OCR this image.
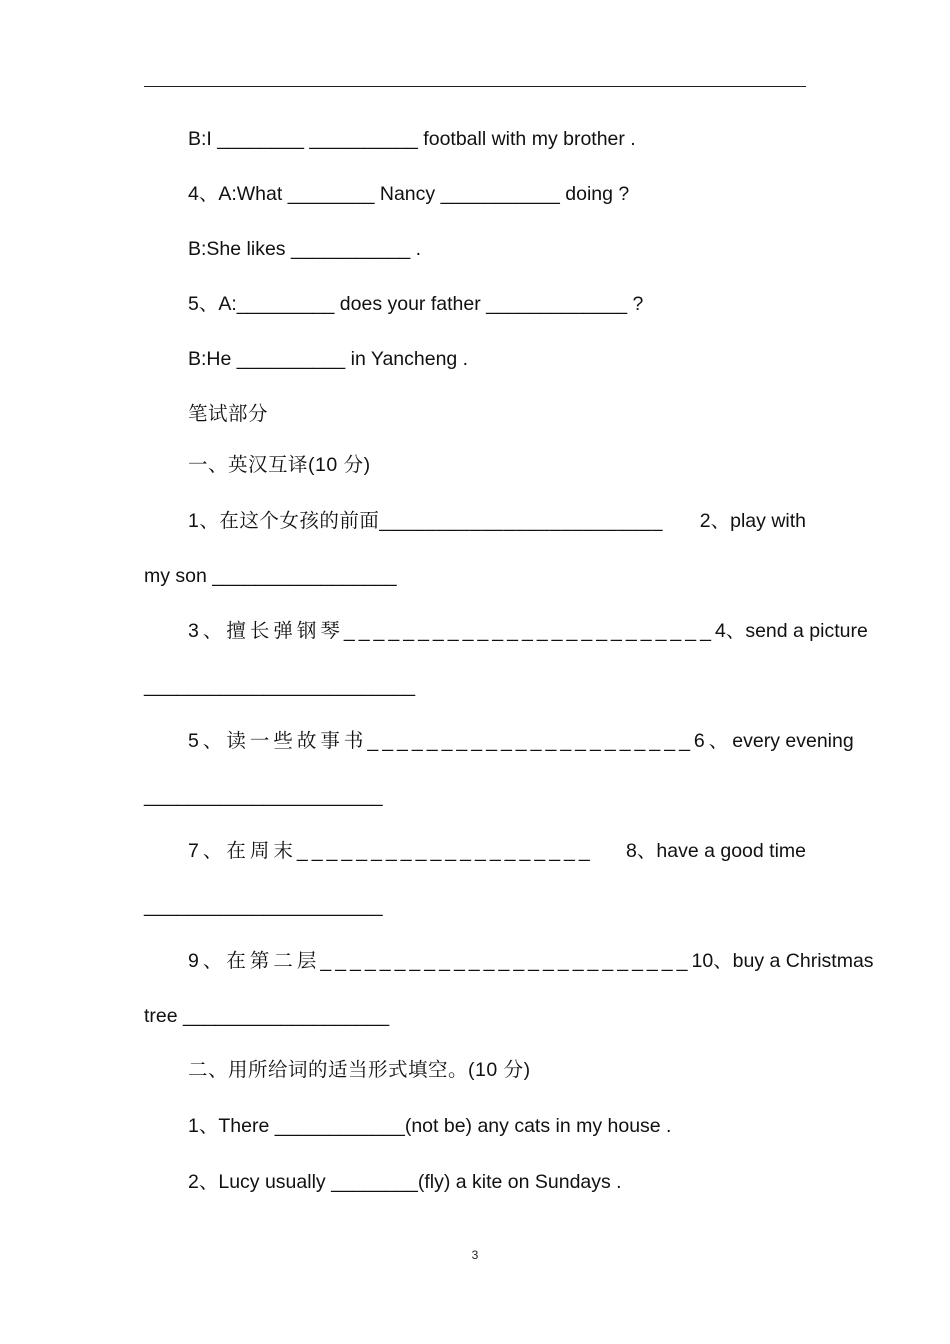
B:I ________ __________ football with my brother .
4、A:What ________ Nancy ___________ doing ?
B:She likes ___________ .
5、A:_________ does your father _____________ ?
B:He __________ in Yancheng .
笔试部分
一、英汉互译(10 分)
1、在这个女孩的前面_________________________ 2、play with
my son _________________
3、擅长弹钢琴_________________________ 4、send a picture
_________________________
5、读一些故事书______________________6、 every evening
______________________
7、在周末____________________ 8、have a good time
______________________
9、在第二层_________________________ 10、buy a Christmas
tree ___________________
二、用所给词的适当形式填空。(10 分)
1、There ____________(not be) any cats in my house .
2、Lucy usually ________(fly) a kite on Sundays .
3
